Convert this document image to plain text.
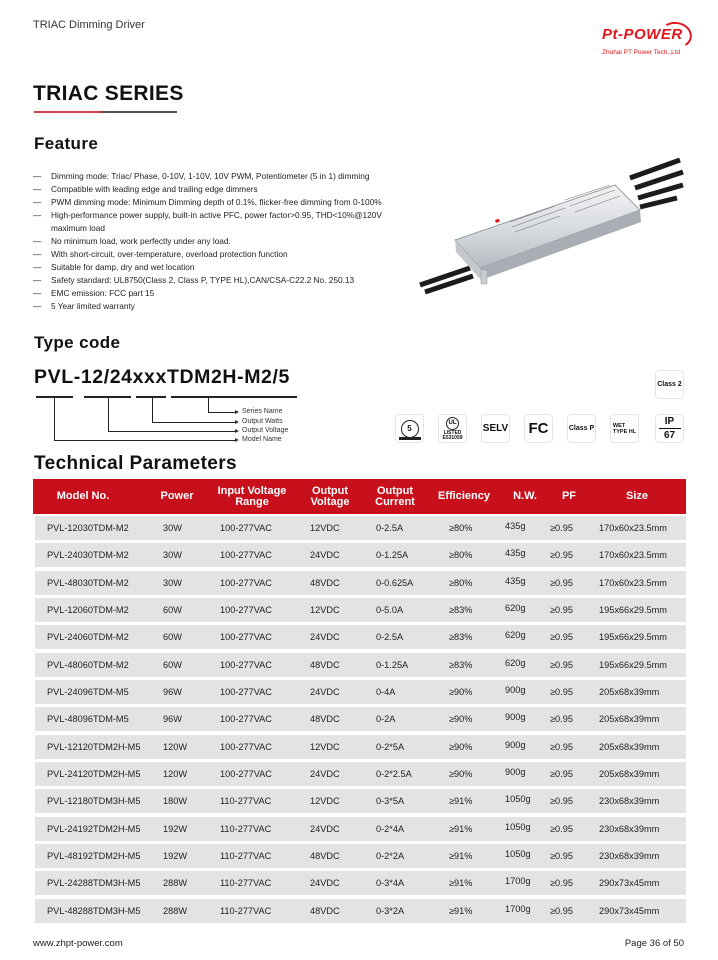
TRIAC Dimming Driver
Pt-POWER
Zhuhai PT Power Tech.,Ltd
TRIAC SERIES
Feature
— Dimming mode: Triac/ Phase, 0-10V, 1-10V, 10V PWM, Potentiometer (5 in 1) dimming
— Compatible with leading edge and trailing edge dimmers
— PWM dimming mode: Minimum Dimming depth of 0.1%, flicker-free dimming from 0-100%
— High-performance power supply, built-in active PFC, power factor>0.95, THD<10%@120V maximum load
— No minimum load, work perfectly under any load.
— With short-circuit, over-temperature, overload protection function
— Suitable for damp, dry and wet location
— Safety standard: UL8750(Class 2, Class P, TYPE HL),CAN/CSA-C22.2 No. 250.13
— EMC emission: FCC part 15
— 5 Year limited warranty
Type code
PVL-12/24xxxTDM2H-M2/5
Series Name
Output Watts
Output Voltage
Model Name
Class 2
5
UL
LISTED
E531059
SELV	FC	Class P	WET
TYPE HL
IP
67
Technical Parameters
Model No.	Power	Input Voltage Range
Output Voltage
Output Current	Efficiency	N.W.	PF	Size
PVL-12030TDM-M2	30W	100-277VAC	12VDC	0-2.5A	≥80%	435g	≥0.95	170x60x23.5mm
PVL-24030TDM-M2	30W	100-277VAC	24VDC	0-1.25A	≥80%	435g	≥0.95	170x60x23.5mm
PVL-48030TDM-M2	30W	100-277VAC	48VDC	0-0.625A	≥80%	435g	≥0.95	170x60x23.5mm
PVL-12060TDM-M2	60W	100-277VAC	12VDC	0-5.0A	≥83%	620g	≥0.95	195x66x29.5mm
PVL-24060TDM-M2	60W	100-277VAC	24VDC	0-2.5A	≥83%	620g	≥0.95	195x66x29.5mm
PVL-48060TDM-M2	60W	100-277VAC	48VDC	0-1.25A	≥83%	620g	≥0.95	195x66x29.5mm
PVL-24096TDM-M5	96W	100-277VAC	24VDC	0-4A	≥90%	900g	≥0.95	205x68x39mm
PVL-48096TDM-M5	96W	100-277VAC	48VDC	0-2A	≥90%	900g	≥0.95	205x68x39mm
PVL-12120TDM2H-M5 120W	100-277VAC	12VDC	0-2*5A	≥90%	900g	≥0.95	205x68x39mm
PVL-24120TDM2H-M5 120W	100-277VAC	24VDC	0-2*2.5A	≥90%	900g	≥0.95	205x68x39mm
PVL-12180TDM3H-M5 180W	110-277VAC	12VDC	0-3*5A	≥91%	1050g ≥0.95	230x68x39mm
PVL-24192TDM2H-M5 192W	110-277VAC	24VDC	0-2*4A	≥91%	1050g ≥0.95	230x68x39mm
PVL-48192TDM2H-M5 192W	110-277VAC	48VDC	0-2*2A	≥91%	1050g ≥0.95	230x68x39mm
PVL-24288TDM3H-M5 288W	110-277VAC	24VDC	0-3*4A	≥91%	1700g ≥0.95	290x73x45mm
PVL-48288TDM3H-M5 288W	110-277VAC	48VDC	0-3*2A	≥91%	1700g ≥0.95	290x73x45mm
www.zhpt-power.com	Page 36 of 50
